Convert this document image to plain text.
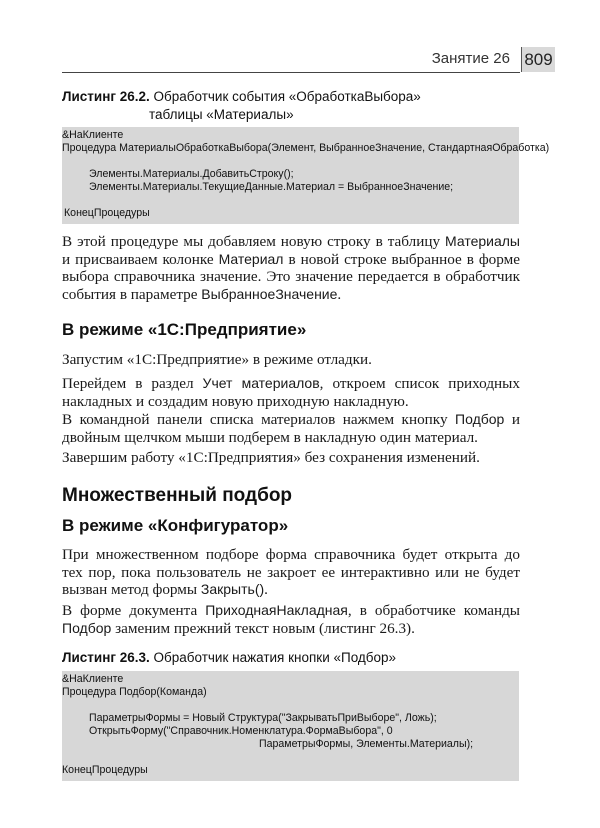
Занятие 26 809
Листинг 26.2. Обработчик события «ОбработкаВыбора»
таблицы «Материалы»
&НаКлиенте
Процедура МатериалыОбработкаВыбора(Элемент, ВыбранноеЗначение, СтандартнаяОбработка)
Элементы.Материалы.ДобавитьСтроку();
Элементы.Материалы.ТекущиеДанные.Материал = ВыбранноеЗначение;
КонецПроцедуры

В этой процедуре мы добавляем новую строку в таблицу Материалы и присваиваем колонке Материал в новой строке выбранное в форме выбора справочника значение. Это значение передается в обработчик события в параметре ВыбранноеЗначение.

В режиме «1С:Предприятие»

Запустим «1С:Предприятие» в режиме отладки.

Перейдем в раздел Учет материалов, откроем список приходных накладных и создадим новую приходную накладную.

В командной панели списка материалов нажмем кнопку Подбор и двойным щелчком мыши подберем в накладную один материал.

Завершим работу «1С:Предприятия» без сохранения изменений.

Множественный подбор
В режиме «Конфигуратор»

При множественном подборе форма справочника будет открыта до тех пор, пока пользователь не закроет ее интерактивно или не будет вызван метод формы Закрыть().

В форме документа ПриходнаяНакладная, в обработчике команды Подбор заменим прежний текст новым (листинг 26.3).

Листинг 26.3. Обработчик нажатия кнопки «Подбор»
&НаКлиенте
Процедура Подбор(Команда)
ПараметрыФормы = Новый Структура("ЗакрыватьПриВыборе", Ложь);
ОткрытьФорму("Справочник.Номенклатура.ФормаВыбора", 0
ПараметрыФормы, Элементы.Материалы);
КонецПроцедуры
